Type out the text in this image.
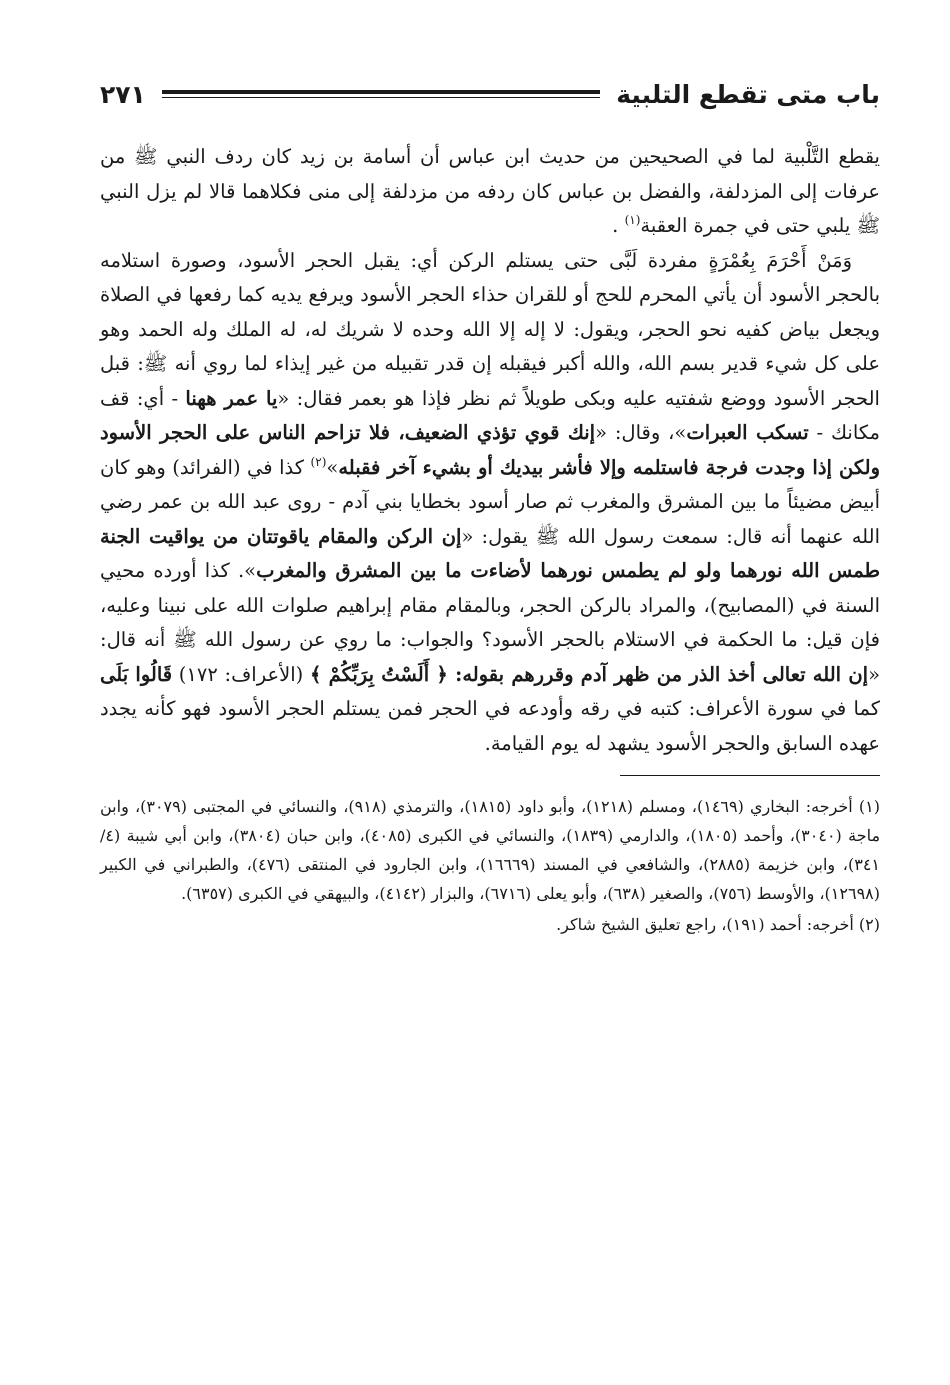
باب متى تقطع التلبية
٢٧١

يقطع التَّلْبية لما في الصحيحين من حديث ابن عباس أن أسامة بن زيد كان ردف النبي ﷺ من عرفات إلى المزدلفة، والفضل بن عباس كان ردفه من مزدلفة إلى منى فكلاهما قالا لم يزل النبي ﷺ يلبي حتى في جمرة العقبة$^{(١)}$ .

وَمَنْ أَحْرَمَ بِعُمْرَةٍ مفردة لَبَّى حتى يستلم الركن أي: يقبل الحجر الأسود، وصورة استلامه بالحجر الأسود أن يأتي المحرم للحج أو للقران حذاء الحجر الأسود ويرفع يديه كما رفعها في الصلاة ويجعل بياض كفيه نحو الحجر، ويقول: لا إله إلا الله وحده لا شريك له، له الملك وله الحمد وهو على كل شيء قدير بسم الله، والله أكبر فيقبله إن قدر تقبيله من غير إيذاء لما روي أنه ﷺ: قبل الحجر الأسود ووضع شفتيه عليه وبكى طويلاً ثم نظر فإذا هو بعمر فقال: «يا عمر ههنا - أي: قف مكانك - تسكب العبرات»، وقال: «إنك قوي تؤذي الضعيف، فلا تزاحم الناس على الحجر الأسود ولكن إذا وجدت فرجة فاستلمه وإلا فأشر بيديك أو بشيء آخر فقبله»$^{(٢)}$ كذا في (الفرائد) وهو كان أبيض مضيئاً ما بين المشرق والمغرب ثم صار أسود بخطايا بني آدم - روى عبد الله بن عمر رضي الله عنهما أنه قال: سمعت رسول الله ﷺ يقول: «إن الركن والمقام ياقوتتان من يواقيت الجنة طمس الله نورهما ولو لم يطمس نورهما لأضاءت ما بين المشرق والمغرب». كذا أورده محيي السنة في (المصابيح)، والمراد بالركن الحجر، وبالمقام مقام إبراهيم صلوات الله على نبينا وعليه، فإن قيل: ما الحكمة في الاستلام بالحجر الأسود؟ والجواب: ما روي عن رسول الله ﷺ أنه قال: «إن الله تعالى أخذ الذر من ظهر آدم وقررهم بقوله: ﴿ أَلَسْتُ بِرَبِّكُمْ ﴾ (الأعراف: ١٧٢) قَالُوا بَلَى كما في سورة الأعراف: كتبه في رقه وأودعه في الحجر فمن يستلم الحجر الأسود فهو كأنه يجدد عهده السابق والحجر الأسود يشهد له يوم القيامة.

(١) أخرجه: البخاري (١٤٦٩)، ومسلم (١٢١٨)، وأبو داود (١٨١٥)، والترمذي (٩١٨)، والنسائي في المجتبى (٣٠٧٩)، وابن ماجة (٣٠٤٠)، وأحمد (١٨٠٥)، والدارمي (١٨٣٩)، والنسائي في الكبرى (٤٠٨٥)، وابن حبان (٣٨٠٤)، وابن أبي شيبة (٤/ ٣٤١)، وابن خزيمة (٢٨٨٥)، والشافعي في المسند (١٦٦٦٩)، وابن الجارود في المنتقى (٤٧٦)، والطبراني في الكبير (١٢٦٩٨)، والأوسط (٧٥٦)، والصغير (٦٣٨)، وأبو يعلى (٦٧١٦)، والبزار (٤١٤٢)، والبيهقي في الكبرى (٦٣٥٧).

(٢) أخرجه: أحمد (١٩١)، راجع تعليق الشيخ شاكر.
